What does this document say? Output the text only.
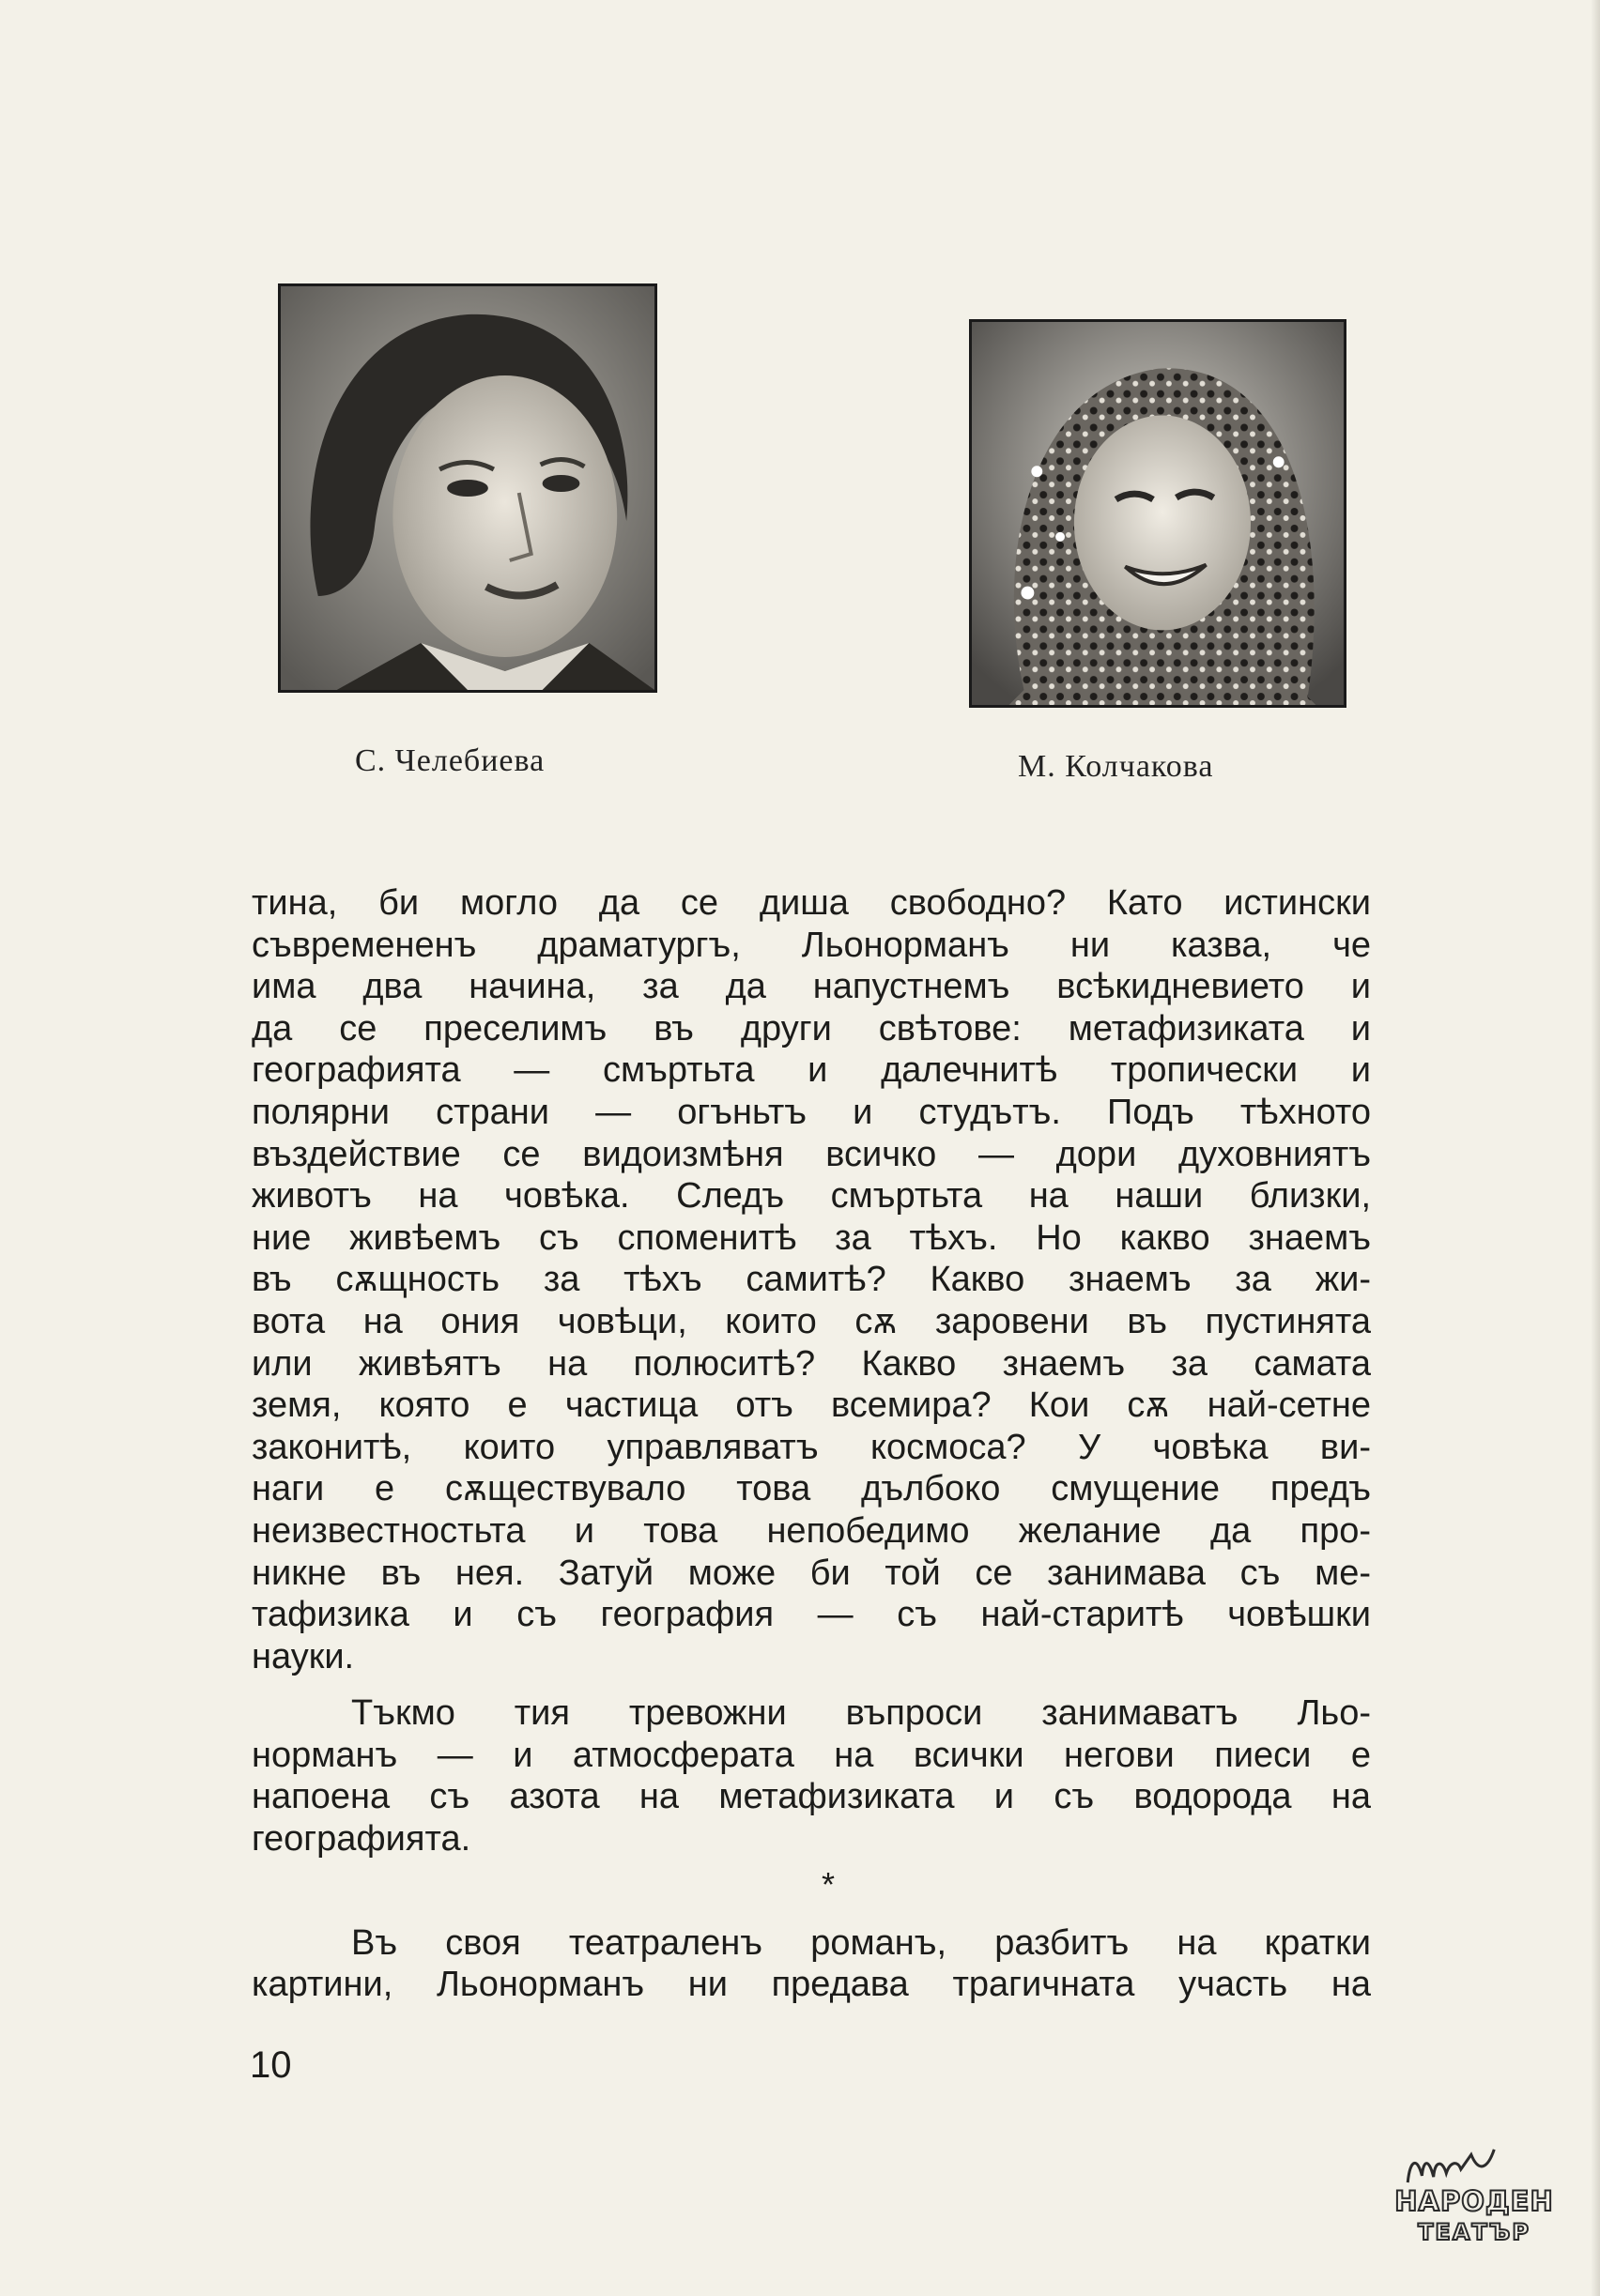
С. Челебиева	М. Колчакова
тина, би могло да се диша свободно? Като истински
съвремененъ драматургъ, Льонорманъ ни казва, че
има два начина, за да напустнемъ всѣкидневието и
да се преселимъ въ други свѣтове: метафизиката и
географията — смъртьта и далечнитѣ тропически и
полярни страни — огъньтъ и студътъ. Подъ тѣхното
въздействие се видоизмѣня всичко — дори духовниятъ
животъ на човѣка. Следъ смъртьта на наши близки,
ние живѣемъ съ споменитѣ за тѣхъ. Но какво знаемъ
въ сѫщность за тѣхъ самитѣ? Какво знаемъ за жи-
вота на ония човѣци, които сѫ заровени въ пустинята
или живѣятъ на полюситѣ? Какво знаемъ за самата
земя, която е частица отъ всемира? Кои сѫ най-сетне
законитѣ, които управляватъ космоса? У човѣка ви-
наги е сѫществувало това дълбоко смущение предъ
неизвестностьта и това непобедимо желание да про-
никне въ нея. Затуй може би той се занимава съ ме-
тафизика и съ география — съ най-старитѣ човѣшки
науки.
Тъкмо тия тревожни въпроси занимаватъ Льо-
норманъ — и атмосферата на всички негови пиеси е
напоена съ азота на метафизиката и съ водорода на
географията.
*
Въ своя театраленъ романъ, разбитъ на кратки
картини, Льонорманъ ни предава трагичната участь на
10
НАРОДЕН
ТЕАТЪР
